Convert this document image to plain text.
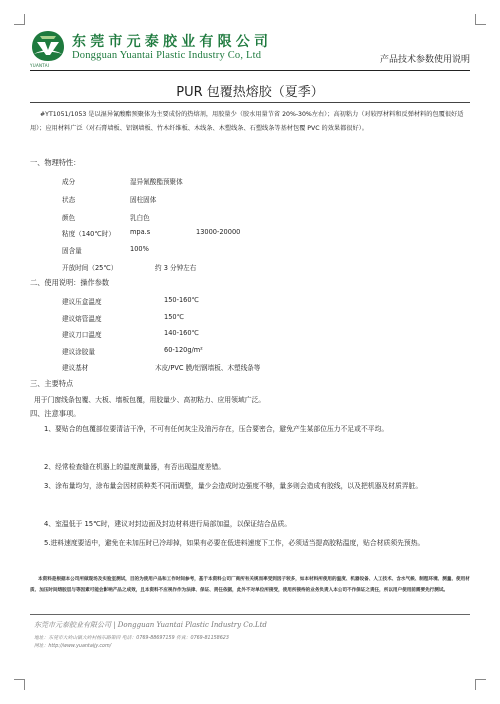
YUANTAI
东莞市元泰胶业有限公司
Dongguan Yuantai Plastic Industry Co, Ltd	产品技术参数使用说明
PUR 包覆热熔胶（夏季）
#YT1051/1053 是以湿异氰酸酯预聚体为主要成份的热熔剂，用胶量少（胶水用量节省 20%-30%左右）；高初粘力（对较厚材料和反弹材料的包覆很好适用）；应用材料广泛（对石膏墙板、铝钢墙板、竹木纤维板、木线条、木塑线条、石塑线条等基材包覆 PVC 的效果都很好）。
一、物理特性：
成分	湿异氰酸酯预聚体
状态	固柱固体
颜色	乳白色
粘度（140℃时） mpa.s	13000-20000
固含量	100%
开放时间（25℃）	约 3 分钟左右
二、使用说明：操作参数
建议压盒温度	150-160℃
建议熔管温度	150℃
建议刀口温度	140-160℃
建议涂胶量	60-120g/m²
建议基材	木皮/PVC 膜/铝钢墙板、木塑线条等
三、主要特点
用于门窗线条包覆、大板、墙板包覆，用胶量少、高初粘力、应用领域广泛。
四、注意事项。
1、要贴合的包覆部位要清洁干净，不可有任何灰尘及油污存在，压合要密合，避免产生某部位压力不足或不平均。
2、经常检查缝在机器上的温度测量器，有否出现温度差错。
3、涂布量均匀，涂布量会因材质种类不同而调整，量少会造成时边强度不够，量多则会造成有胶线，以及把机器及材质弄脏。
4、室温低于 15℃时，建议对封边面及封边材料进行局部加温，以保证结合品质。
5.进料速度要适中，避免在未加压时已冷却掉，如果有必要在低进料速度下工作，必须适当提高胶粘温度，贴合材质须先预热。
本资料是根据本公司所做现场及实验室测试，目的为使用户品和工作时间参考，基于本资料公司厂商所有关规而率受到因子较多，如本材料所使用的温度、机器设备、人工技术、含水气候、制程环境、测量、使用材质、加压时间熔胶层与等因素可能会影响产品之成效，且本资料不应视作作为法律、保证、责任依据，此外不对单位所接受，使用所接待的业务负责人本公司不作保证之责任，所以用户使用前需要先行测试。
东莞市元泰胶业有限公司 | Dongguan Yuantai Plastic Industry Co.Ltd
地址：东莞市大岭山镇大岭村杨东路第四 电话：0769-88697159 传真：0769-81158623
网址：http://www.yuantaijy.com/
